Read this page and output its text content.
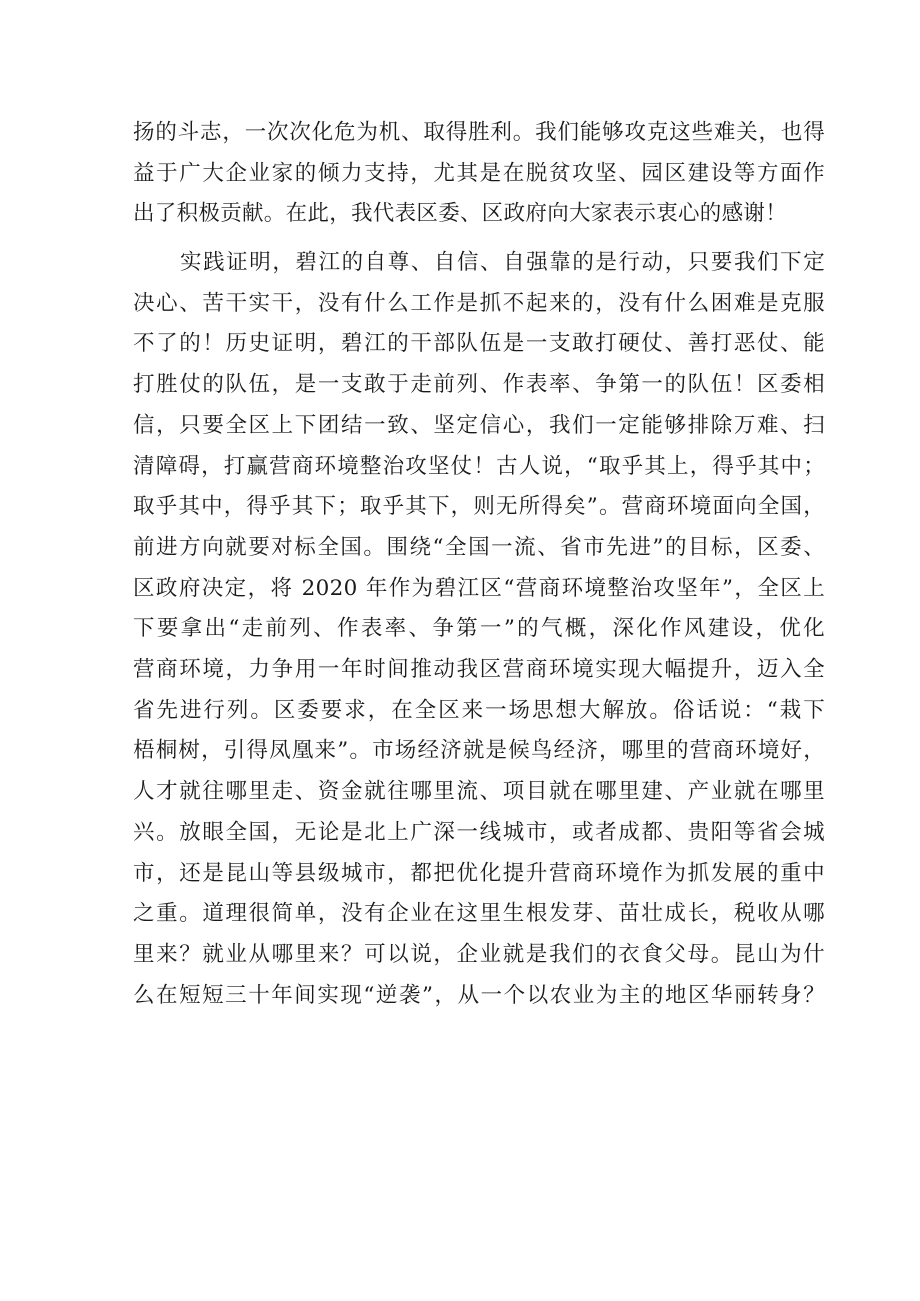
扬的斗志，一次次化危为机、取得胜利。我们能够攻克这些难关，也得
益于广大企业家的倾力支持，尤其是在脱贫攻坚、园区建设等方面作
出了积极贡献。在此，我代表区委、区政府向大家表示衷心的感谢！
实践证明，碧江的自尊、自信、自强靠的是行动，只要我们下定
决心、苦干实干，没有什么工作是抓不起来的，没有什么困难是克服
不了的！历史证明，碧江的干部队伍是一支敢打硬仗、善打恶仗、能
打胜仗的队伍，是一支敢于走前列、作表率、争第一的队伍！区委相
信，只要全区上下团结一致、坚定信心，我们一定能够排除万难、扫
清障碍，打赢营商环境整治攻坚仗！古人说，“取乎其上，得乎其中；
取乎其中，得乎其下；取乎其下，则无所得矣”。营商环境面向全国，
前进方向就要对标全国。围绕“全国一流、省市先进”的目标，区委、
区政府决定，将 2020 年作为碧江区“营商环境整治攻坚年”，全区上
下要拿出“走前列、作表率、争第一”的气概，深化作风建设，优化
营商环境，力争用一年时间推动我区营商环境实现大幅提升，迈入全
省先进行列。区委要求，在全区来一场思想大解放。俗话说：“栽下
梧桐树，引得凤凰来”。市场经济就是候鸟经济，哪里的营商环境好，
人才就往哪里走、资金就往哪里流、项目就在哪里建、产业就在哪里
兴。放眼全国，无论是北上广深一线城市，或者成都、贵阳等省会城
市，还是昆山等县级城市，都把优化提升营商环境作为抓发展的重中
之重。道理很简单，没有企业在这里生根发芽、苗壮成长，税收从哪
里来？就业从哪里来？可以说，企业就是我们的衣食父母。昆山为什
么在短短三十年间实现“逆袭”，从一个以农业为主的地区华丽转身？
